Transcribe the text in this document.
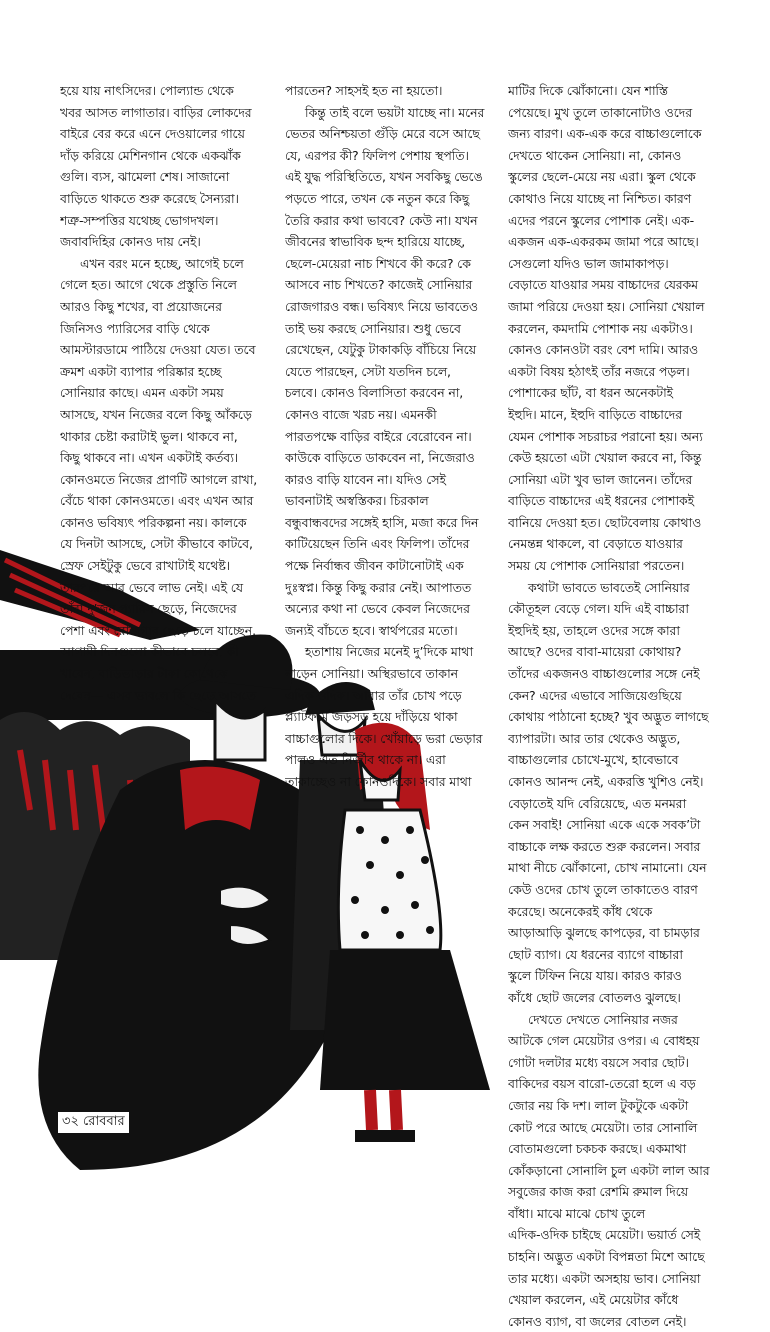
হয়ে যায় নাৎসিদের। পোল্যান্ড থেকে
খবর আসত লাগাতার। বাড়ির লোকদের
বাইরে বের করে এনে দেওয়ালের গায়ে
দাঁড় করিয়ে মেশিনগান থেকে একঝাঁক
গুলি। ব্যস, ঝামেলা শেষ। সাজানো
বাড়িতে থাকতে শুরু করেছে সৈন্যরা।
শত্রু-সম্পত্তির যথেচ্ছ ভোগদখল।
জবাবদিহির কোনও দায় নেই।

এখন বরং মনে হচ্ছে, আগেই চলে
গেলে হত। আগে থেকে প্রস্তুতি নিলে
আরও কিছু শখের, বা প্রয়োজনের
জিনিসও প্যারিসের বাড়ি থেকে
আমস্টারডামে পাঠিয়ে দেওয়া যেত। তবে
ক্রমশ একটা ব্যাপার পরিষ্কার হচ্ছে
সোনিয়ার কাছে। এমন একটা সময়
আসছে, যখন নিজের বলে কিছু আঁকড়ে
থাকার চেষ্টা করাটাই ভুল। থাকবে না,
কিছু থাকবে না। এখন একটাই কর্তব্য।
কোনওমতে নিজের প্রাণটি আগলে রাখা,
বেঁচে থাকা কোনওমতে। এবং এখন আর
কোনও ভবিষ্যৎ পরিকল্পনা নয়। কালকে
যে দিনটা আসছে, সেটা কীভাবে কাটবে,
স্রেফ সেইটুকু ভেবে রাখাটাই যথেষ্ট।
তারপরে আর ভেবে লাভ নেই। এই যে
তাঁরা দু’জন প্যারিস ছেড়ে, নিজেদের
পেশা এবং রোজগার ছেড়ে চলে যাচ্ছেন,
আগামী দিনগুলো কীভাবে চলবে, কী
খাবেন, বাড়িভাড়ার টাকা কোথেকে
দেবেন— এসব ভাবলে কি ছেড়ে আসতে

পারতেন? সাহসই হত না হয়তো।

কিন্তু তাই বলে ভয়টা যাচ্ছে না। মনের
ভেতর অনিশ্চয়তা গুঁড়ি মেরে বসে আছে
যে, এরপর কী? ফিলিপ পেশায় স্থপতি।
এই যুদ্ধ পরিস্থিতিতে, যখন সবকিছু ভেঙে
পড়তে পারে, তখন কে নতুন করে কিছু
তৈরি করার কথা ভাববে? কেউ না। যখন
জীবনের স্বাভাবিক ছন্দ হারিয়ে যাচ্ছে,
ছেলে-মেয়েরা নাচ শিখবে কী করে? কে
আসবে নাচ শিখতে? কাজেই সোনিয়ার
রোজগারও বন্ধ। ভবিষ্যৎ নিয়ে ভাবতেও
তাই ভয় করছে সোনিয়ার। শুধু ভেবে
রেখেছেন, যেটুকু টাকাকড়ি বাঁচিয়ে নিয়ে
যেতে পারছেন, সেটা যতদিন চলে,
চলবে। কোনও বিলাসিতা করবেন না,
কোনও বাজে খরচ নয়। এমনকী
পারতপক্ষে বাড়ির বাইরে বেরোবেন না।
কাউকে বাড়িতে ডাকবেন না, নিজেরাও
কারও বাড়ি যাবেন না। যদিও সেই
ভাবনাটাই অস্বস্তিকর। চিরকাল
বন্ধুবান্ধবদের সঙ্গেই হাসি, মজা করে দিন
কাটিয়েছেন তিনি এবং ফিলিপ। তাঁদের
পক্ষে নির্বান্ধব জীবন কাটানোটাই এক
দুঃস্বপ্ন। কিন্তু কিছু করার নেই। আপাতত
অন্যের কথা না ভেবে কেবল নিজেদের
জন্যই বাঁচতে হবে। স্বার্থপরের মতো।

হতাশায় নিজের মনেই দু’দিকে মাথা
নাড়েন সোনিয়া। অস্থিরভাবে তাকান
এদিক-ওদিক। আবার তাঁর চোখ পড়ে
প্ল্যাটফর্মে জড়সড় হয়ে দাঁড়িয়ে থাকা
বাচ্চাগুলোর দিকে। খোঁয়াড়ে ভরা ভেড়ার
পালও এত নির্জীব থাকে না। এরা
তাকাচ্ছেও না কোনওদিকে। সবার মাথা

মাটির দিকে ঝোঁকানো। যেন শাস্তি
পেয়েছে। মুখ তুলে তাকানোটাও ওদের
জন্য বারণ। এক-এক করে বাচ্চাগুলোকে
দেখতে থাকেন সোনিয়া। না, কোনও
স্কুলের ছেলে-মেয়ে নয় এরা। স্কুল থেকে
কোথাও নিয়ে যাচ্ছে না নিশ্চিত। কারণ
এদের পরনে স্কুলের পোশাক নেই। এক-
একজন এক-একরকম জামা পরে আছে।
সেগুলো যদিও ভাল জামাকাপড়।
বেড়াতে যাওয়ার সময় বাচ্চাদের যেরকম
জামা পরিয়ে দেওয়া হয়। সোনিয়া খেয়াল
করলেন, কমদামি পোশাক নয় একটাও।
কোনও কোনওটা বরং বেশ দামি। আরও
একটা বিষয় হঠাৎই তাঁর নজরে পড়ল।
পোশাকের ছাঁট, বা ধরন অনেকটাই
ইহুদি। মানে, ইহুদি বাড়িতে বাচ্চাদের
যেমন পোশাক সচরাচর পরানো হয়। অন্য
কেউ হয়তো এটা খেয়াল করবে না, কিন্তু
সোনিয়া এটা খুব ভাল জানেন। তাঁদের
বাড়িতে বাচ্চাদের এই ধরনের পোশাকই
বানিয়ে দেওয়া হত। ছোটবেলায় কোথাও
নেমন্তন্ন থাকলে, বা বেড়াতে যাওয়ার
সময় যে পোশাক সোনিয়ারা পরতেন।

কথাটা ভাবতে ভাবতেই সোনিয়ার
কৌতূহল বেড়ে গেল। যদি এই বাচ্চারা
ইহুদিই হয়, তাহলে ওদের সঙ্গে কারা
আছে? ওদের বাবা-মায়েরা কোথায়?
তাঁদের একজনও বাচ্চাগুলোর সঙ্গে নেই
কেন? এদের এভাবে সাজিয়েগুছিয়ে
কোথায় পাঠানো হচ্ছে? খুব অদ্ভুত লাগছে
ব্যাপারটা। আর তার থেকেও অদ্ভুত,
বাচ্চাগুলোর চোখে-মুখে, হাবেভাবে
কোনও আনন্দ নেই, একরত্তি খুশিও নেই।
বেড়াতেই যদি বেরিয়েছে, এত মনমরা
কেন সবাই! সোনিয়া একে একে সবক’টা
বাচ্চাকে লক্ষ করতে শুরু করলেন। সবার
মাথা নীচে ঝোঁকানো, চোখ নামানো। যেন
কেউ ওদের চোখ তুলে তাকাতেও বারণ
করেছে। অনেকেরই কাঁধ থেকে
আড়াআড়ি ঝুলছে কাপড়ের, বা চামড়ার
ছোট ব্যাগ। যে ধরনের ব্যাগে বাচ্চারা
স্কুলে টিফিন নিয়ে যায়। কারও কারও
কাঁধে ছোট জলের বোতলও ঝুলছে।

দেখতে দেখতে সোনিয়ার নজর
আটকে গেল মেয়েটার ওপর। এ বোধহয়
গোটা দলটার মধ্যে বয়সে সবার ছোট।
বাকিদের বয়স বারো-তেরো হলে এ বড়
জোর নয় কি দশ। লাল টুকটুকে একটা
কোট পরে আছে মেয়েটা। তার সোনালি
বোতামগুলো চকচক করছে। একমাথা
কোঁকড়ানো সোনালি চুল একটা লাল আর
সবুজের কাজ করা রেশমি রুমাল দিয়ে
বাঁধা। মাঝে মাঝে চোখ তুলে
এদিক-ওদিক চাইছে মেয়েটা। ভয়ার্ত সেই
চাহনি। অদ্ভুত একটা বিপন্নতা মিশে আছে
তার মধ্যে। একটা অসহায় ভাব। সোনিয়া
খেয়াল করলেন, এই মেয়েটার কাঁধে
কোনও ব্যাগ, বা জলের বোতল নেই।

৩২ রোববার
